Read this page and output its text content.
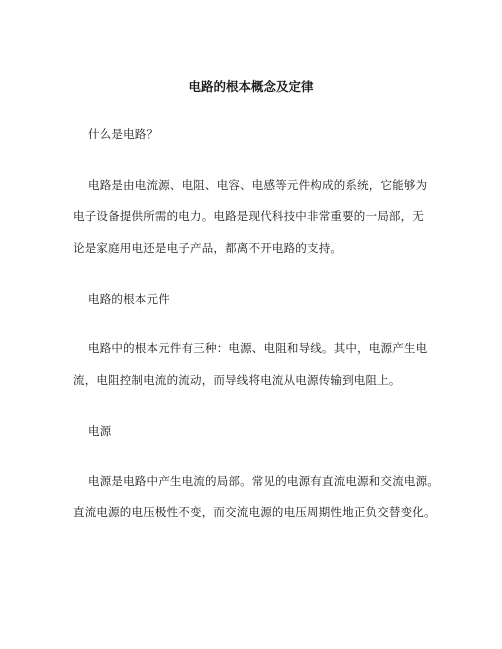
电路的根本概念及定律
什么是电路？
电路是由电流源、电阻、电容、电感等元件构成的系统，它能够为
电子设备提供所需的电力。电路是现代科技中非常重要的一局部，无
论是家庭用电还是电子产品，都离不开电路的支持。
电路的根本元件
电路中的根本元件有三种：电源、电阻和导线。其中，电源产生电
流，电阻控制电流的流动，而导线将电流从电源传输到电阻上。
电源
电源是电路中产生电流的局部。常见的电源有直流电源和交流电源。
直流电源的电压极性不变，而交流电源的电压周期性地正负交替变化。
